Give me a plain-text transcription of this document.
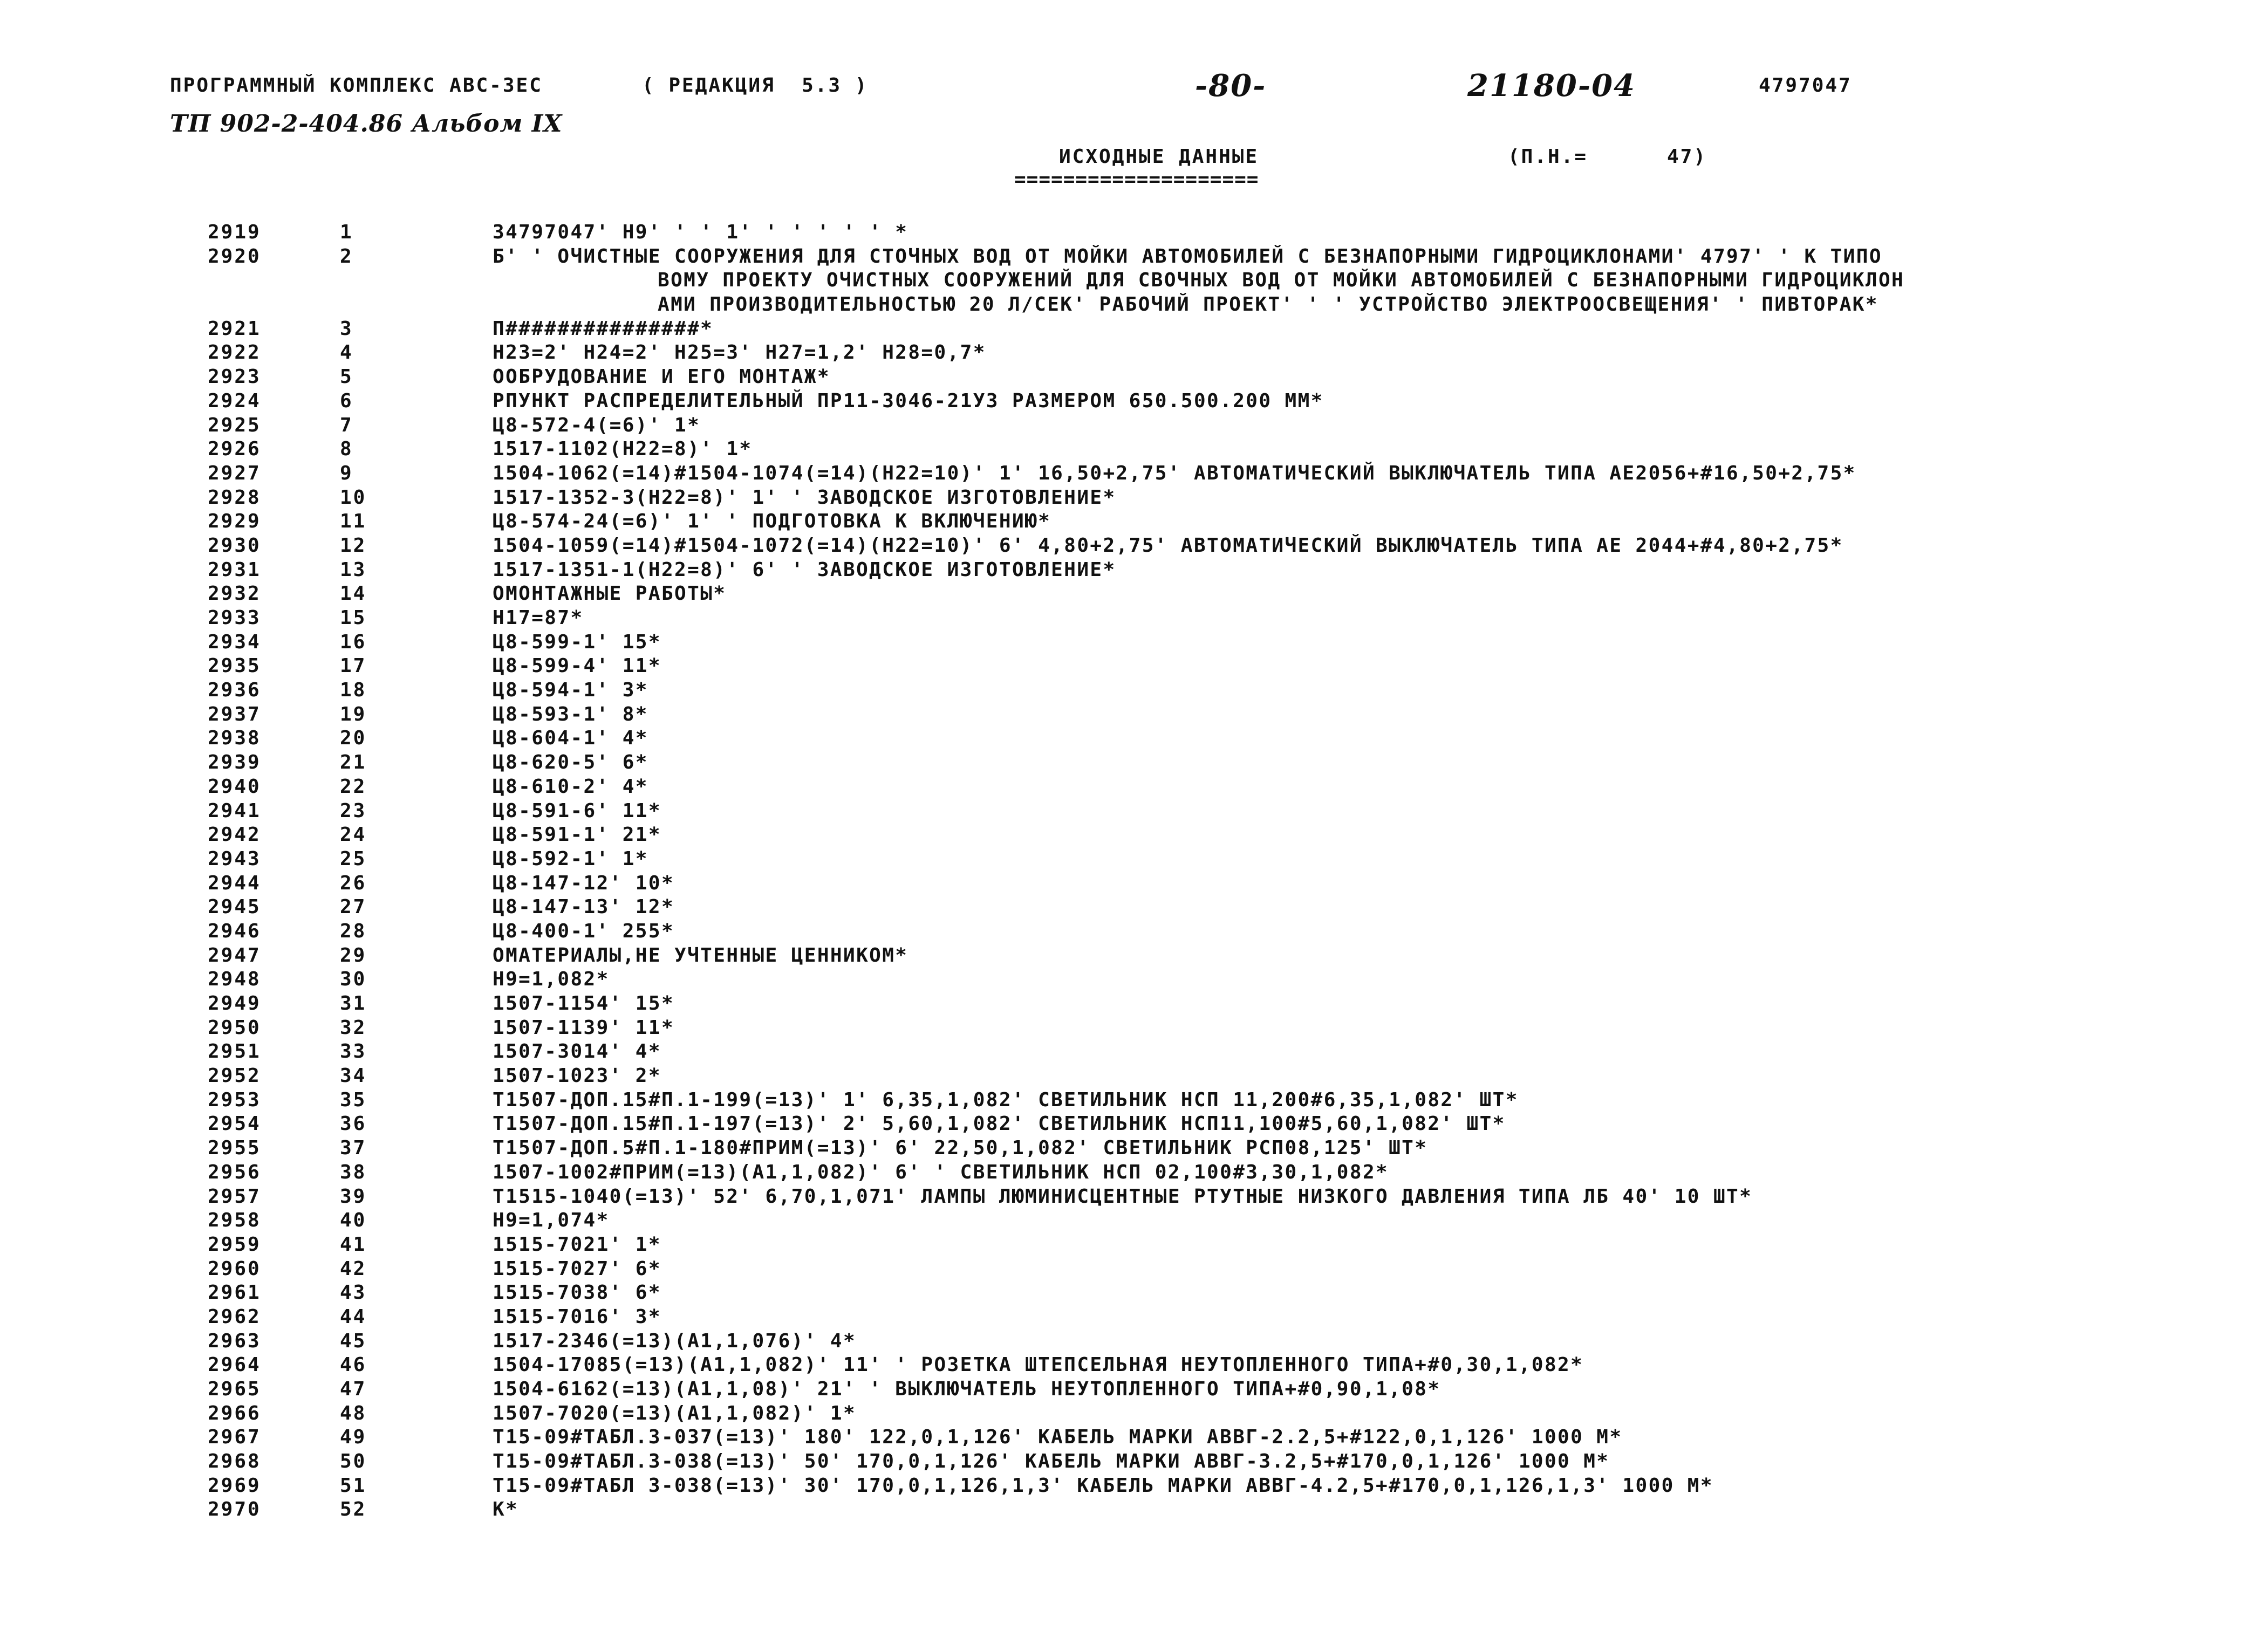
ПРОГРАММНЫЙ КОМПЛЕКС АВС-3ЕС	( РЕДАКЦИЯ  5.3 )	-80-	21180-04	4797047
ТП 902-2-404.86 Альбом IX
ИСХОДНЫЕ ДАННЫЕ
====================
(П.Н.=	47)
2919	1	34797047' Н9' ' ' 1' ' ' ' ' ' *
2920	2	Б' ' ОЧИСТНЫЕ СООРУЖЕНИЯ ДЛЯ СТОЧНЫХ ВОД ОТ МОЙКИ АВТОМОБИЛЕЙ С БЕЗНАПОРНЫМИ ГИДРОЦИКЛОНАМИ' 4797' ' К ТИПО
ВОМУ ПРОЕКТУ ОЧИСТНЫХ СООРУЖЕНИЙ ДЛЯ СВОЧНЫХ ВОД ОТ МОЙКИ АВТОМОБИЛЕЙ С БЕЗНАПОРНЫМИ ГИДРОЦИКЛОН
АМИ ПРОИЗВОДИТЕЛЬНОСТЬЮ 20 Л/СЕК' РАБОЧИЙ ПРОЕКТ' ' ' УСТРОЙСТВО ЭЛЕКТРООСВЕЩЕНИЯ' ' ПИВТОРАК*
2921	3	П###############*
2922	4	Н23=2' Н24=2' Н25=3' Н27=1,2' Н28=0,7*
2923	5	ООБРУДОВАНИЕ И ЕГО МОНТАЖ*
2924	6	РПУНКТ РАСПРЕДЕЛИТЕЛЬНЫЙ ПР11-3046-21У3 РАЗМЕРОМ 650.500.200 ММ*
2925	7	Ц8-572-4(=6)' 1*
2926	8	1517-1102(Н22=8)' 1*
2927	9	1504-1062(=14)#1504-1074(=14)(Н22=10)' 1' 16,50+2,75' АВТОМАТИЧЕСКИЙ ВЫКЛЮЧАТЕЛЬ ТИПА АЕ2056+#16,50+2,75*
2928	10	1517-1352-3(Н22=8)' 1' ' ЗАВОДСКОЕ ИЗГОТОВЛЕНИЕ*
2929	11	Ц8-574-24(=6)' 1' ' ПОДГОТОВКА К ВКЛЮЧЕНИЮ*
2930	12	1504-1059(=14)#1504-1072(=14)(Н22=10)' 6' 4,80+2,75' АВТОМАТИЧЕСКИЙ ВЫКЛЮЧАТЕЛЬ ТИПА АЕ 2044+#4,80+2,75*
2931	13	1517-1351-1(Н22=8)' 6' ' ЗАВОДСКОЕ ИЗГОТОВЛЕНИЕ*
2932	14	ОМОНТАЖНЫЕ РАБОТЫ*
2933	15	Н17=87*
2934	16	Ц8-599-1' 15*
2935	17	Ц8-599-4' 11*
2936	18	Ц8-594-1' 3*
2937	19	Ц8-593-1' 8*
2938	20	Ц8-604-1' 4*
2939	21	Ц8-620-5' 6*
2940	22	Ц8-610-2' 4*
2941	23	Ц8-591-6' 11*
2942	24	Ц8-591-1' 21*
2943	25	Ц8-592-1' 1*
2944	26	Ц8-147-12' 10*
2945	27	Ц8-147-13' 12*
2946	28	Ц8-400-1' 255*
2947	29	ОМАТЕРИАЛЫ,НЕ УЧТЕННЫЕ ЦЕННИКОМ*
2948	30	Н9=1,082*
2949	31	1507-1154' 15*
2950	32	1507-1139' 11*
2951	33	1507-3014' 4*
2952	34	1507-1023' 2*
2953	35	Т1507-ДОП.15#П.1-199(=13)' 1' 6,35,1,082' СВЕТИЛЬНИК НСП 11,200#6,35,1,082' ШТ*
2954	36	Т1507-ДОП.15#П.1-197(=13)' 2' 5,60,1,082' СВЕТИЛЬНИК НСП11,100#5,60,1,082' ШТ*
2955	37	Т1507-ДОП.5#П.1-180#ПРИМ(=13)' 6' 22,50,1,082' СВЕТИЛЬНИК РСП08,125' ШТ*
2956	38	1507-1002#ПРИМ(=13)(А1,1,082)' 6' ' СВЕТИЛЬНИК НСП 02,100#3,30,1,082*
2957	39	Т1515-1040(=13)' 52' 6,70,1,071' ЛАМПЫ ЛЮМИНИСЦЕНТНЫЕ РТУТНЫЕ НИЗКОГО ДАВЛЕНИЯ ТИПА ЛБ 40' 10 ШТ*
2958	40	Н9=1,074*
2959	41	1515-7021' 1*
2960	42	1515-7027' 6*
2961	43	1515-7038' 6*
2962	44	1515-7016' 3*
2963	45	1517-2346(=13)(А1,1,076)' 4*
2964	46	1504-17085(=13)(А1,1,082)' 11' ' РОЗЕТКА ШТЕПСЕЛЬНАЯ НЕУТОПЛЕННОГО ТИПА+#0,30,1,082*
2965	47	1504-6162(=13)(А1,1,08)' 21' ' ВЫКЛЮЧАТЕЛЬ НЕУТОПЛЕННОГО ТИПА+#0,90,1,08*
2966	48	1507-7020(=13)(А1,1,082)' 1*
2967	49	Т15-09#ТАБЛ.3-037(=13)' 180' 122,0,1,126' КАБЕЛЬ МАРКИ АВВГ-2.2,5+#122,0,1,126' 1000 М*
2968	50	Т15-09#ТАБЛ.3-038(=13)' 50' 170,0,1,126' КАБЕЛЬ МАРКИ АВВГ-3.2,5+#170,0,1,126' 1000 М*
2969	51	Т15-09#ТАБЛ 3-038(=13)' 30' 170,0,1,126,1,3' КАБЕЛЬ МАРКИ АВВГ-4.2,5+#170,0,1,126,1,3' 1000 М*
2970	52	К*
